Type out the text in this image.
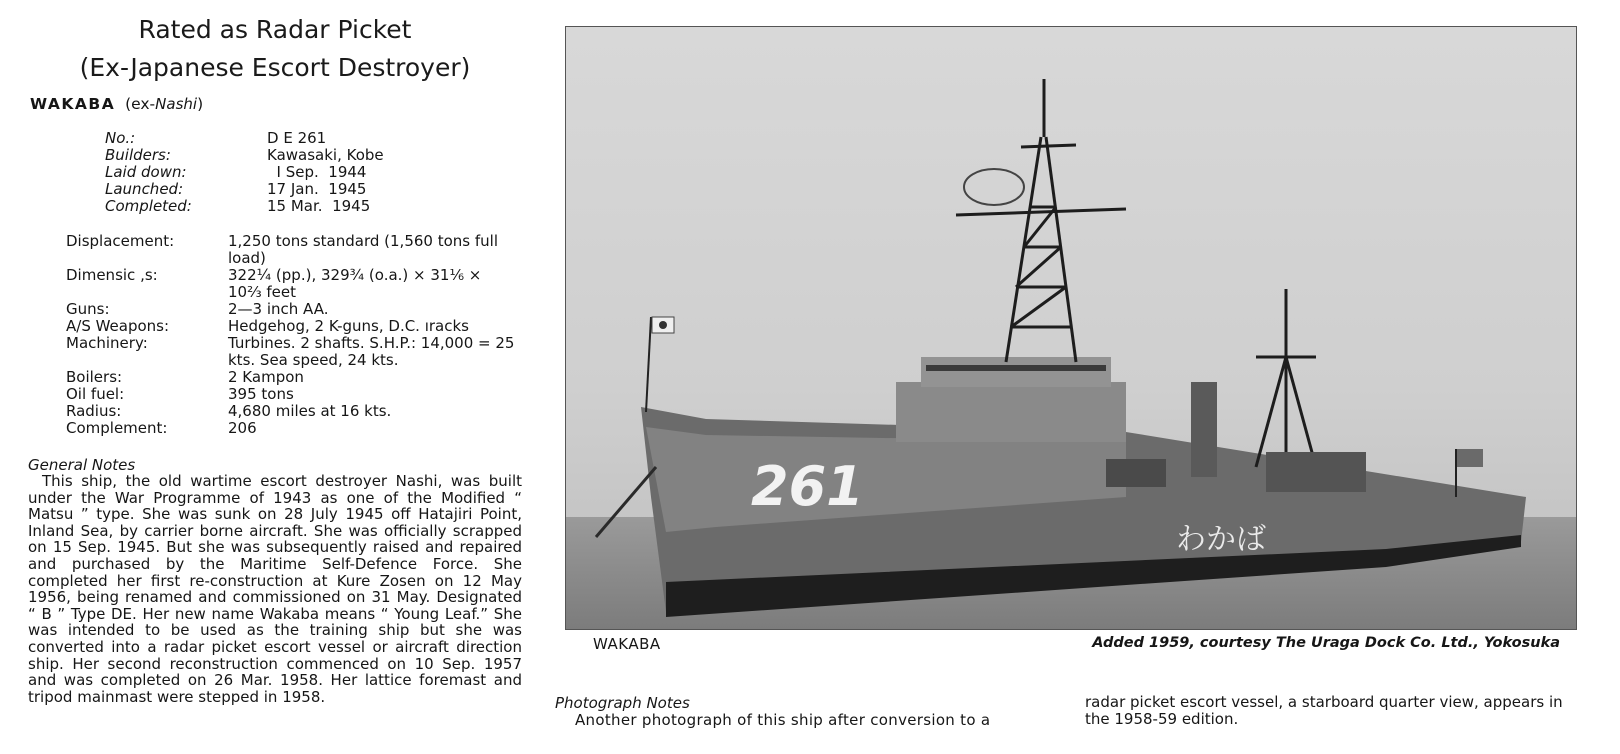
Rated as Radar Picket
(Ex-Japanese Escort Destroyer)
WAKABA (ex-Nashi)
No.:	D E 261
Builders:	Kawasaki, Kobe
Laid down:	I Sep.  1944
Launched:	17 Jan.  1945
Completed:	15 Mar.  1945
Displacement:	1,250 tons standard (1,560 tons full load)
Dimensic ,s:	322¼ (pp.), 329¾ (o.a.) × 31⅙ × 10⅔ feet
Guns:	2—3 inch AA.
A/S Weapons:	Hedgehog, 2 K-guns, D.C. ıracks
Machinery:	Turbines. 2 shafts. S.H.P.: 14,000 = 25 kts. Sea speed, 24 kts.
Boilers:	2 Kampon
Oil fuel:	395 tons
Radius:	4,680 miles at 16 kts.
Complement:	206
General Notes
This ship, the old wartime escort destroyer Nashi, was built under the War Programme of 1943 as one of the Modified “ Matsu ” type. She was sunk on 28 July 1945 off Hatajiri Point, Inland Sea, by carrier borne aircraft. She was officially scrapped on 15 Sep. 1945. But she was subsequently raised and repaired and purchased by the Maritime Self-Defence Force. She completed her first re-construction at Kure Zosen on 12 May 1956, being renamed and commissioned on 31 May. Designated “ B ” Type DE. Her new name Wakaba means “ Young Leaf.” She was intended to be used as the training ship but she was converted into a radar picket escort vessel or aircraft direction ship. Her second reconstruction commenced on 10 Sep. 1957 and was completed on 26 Mar. 1958. Her lattice foremast and tripod mainmast were stepped in 1958.
261
わかば
WAKABA	Added 1959, courtesy The Uraga Dock Co. Ltd., Yokosuka
Photograph Notes
Another photograph of this ship after conversion to a
radar picket escort vessel, a starboard quarter view, appears in the 1958-59 edition.
